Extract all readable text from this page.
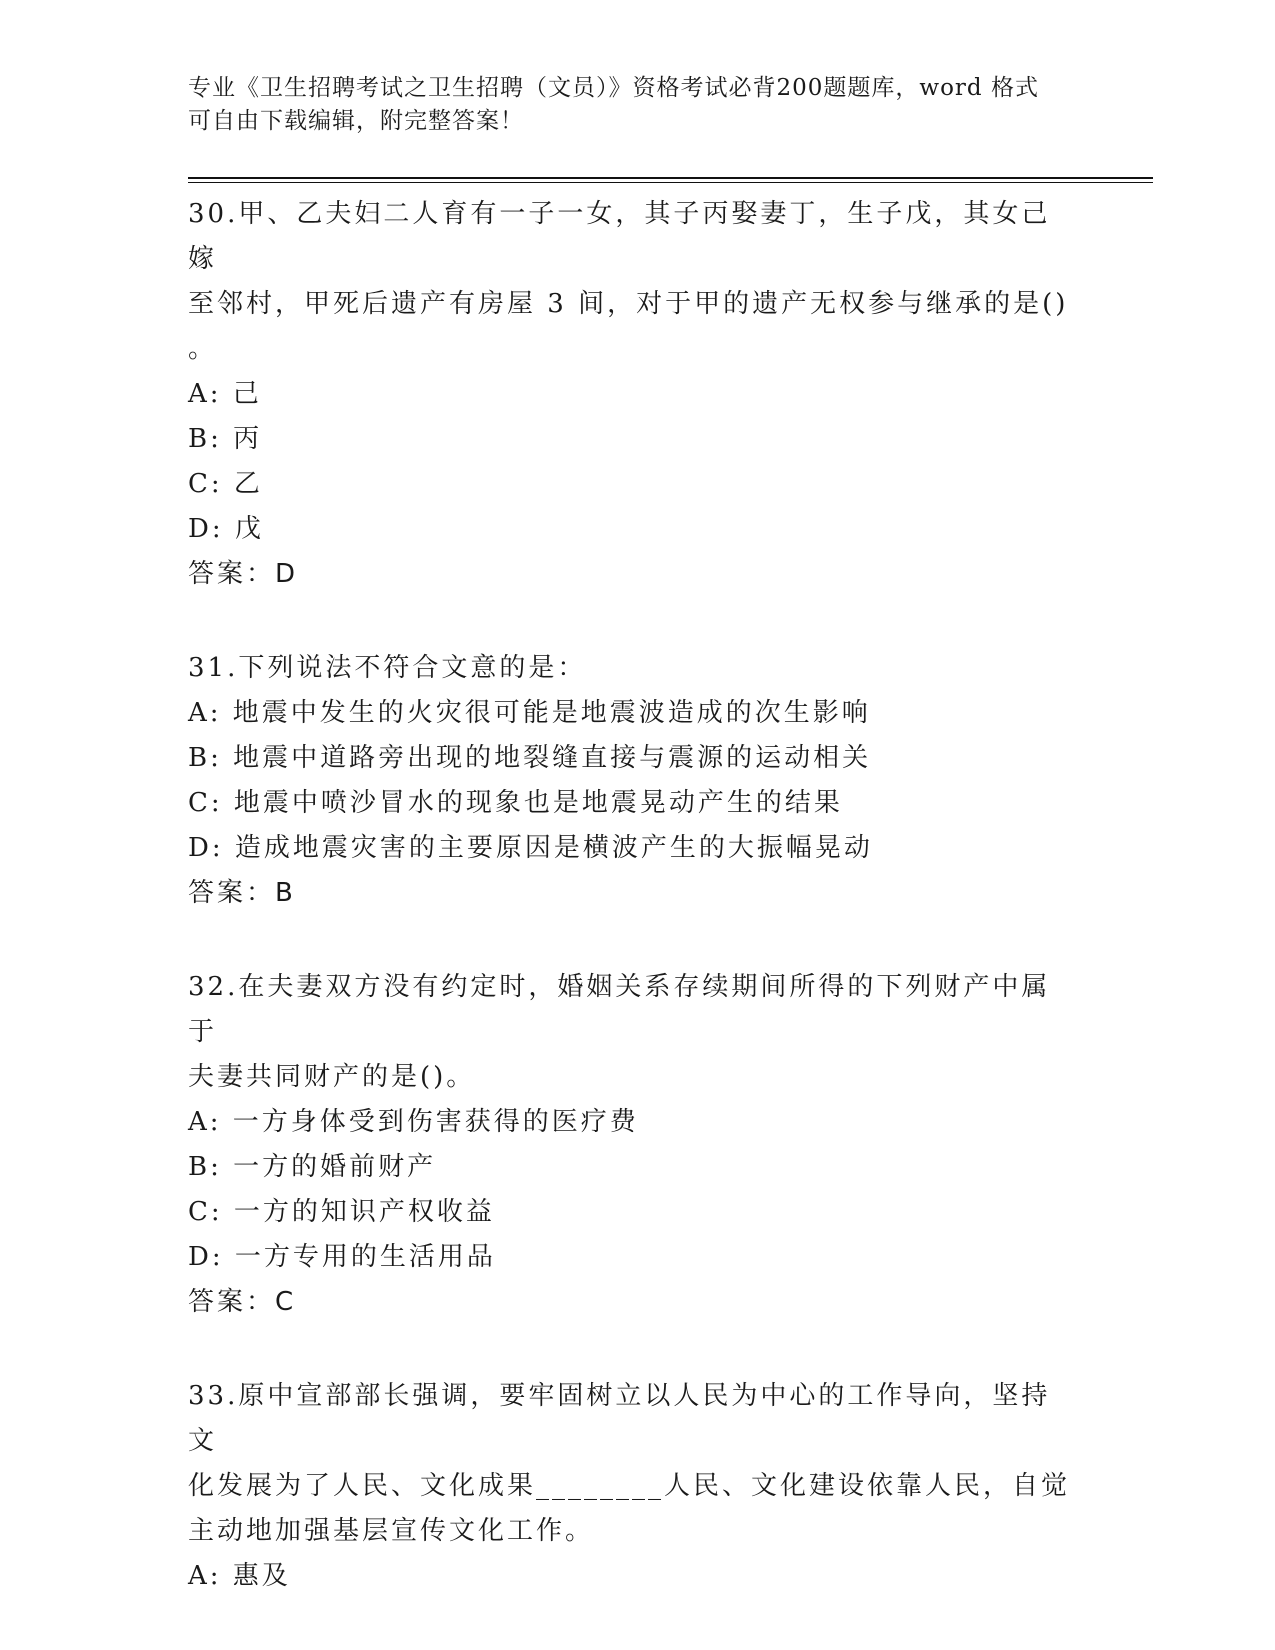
专业《卫生招聘考试之卫生招聘（文员）》资格考试必背200题题库，word 格式
可自由下载编辑，附完整答案！
30.甲、乙夫妇二人育有一子一女，其子丙娶妻丁，生子戊，其女己嫁
至邻村，甲死后遗产有房屋 3 间，对于甲的遗产无权参与继承的是()
。
A: 己
B: 丙
C: 乙
D: 戊
答案：D
31.下列说法不符合文意的是：
A: 地震中发生的火灾很可能是地震波造成的次生影响
B: 地震中道路旁出现的地裂缝直接与震源的运动相关
C: 地震中喷沙冒水的现象也是地震晃动产生的结果
D: 造成地震灾害的主要原因是横波产生的大振幅晃动
答案：B
32.在夫妻双方没有约定时，婚姻关系存续期间所得的下列财产中属于
夫妻共同财产的是()。
A: 一方身体受到伤害获得的医疗费
B: 一方的婚前财产
C: 一方的知识产权收益
D: 一方专用的生活用品
答案：C
33.原中宣部部长强调，要牢固树立以人民为中心的工作导向，坚持文
化发展为了人民、文化成果________人民、文化建设依靠人民，自觉
主动地加强基层宣传文化工作。
A: 惠及
